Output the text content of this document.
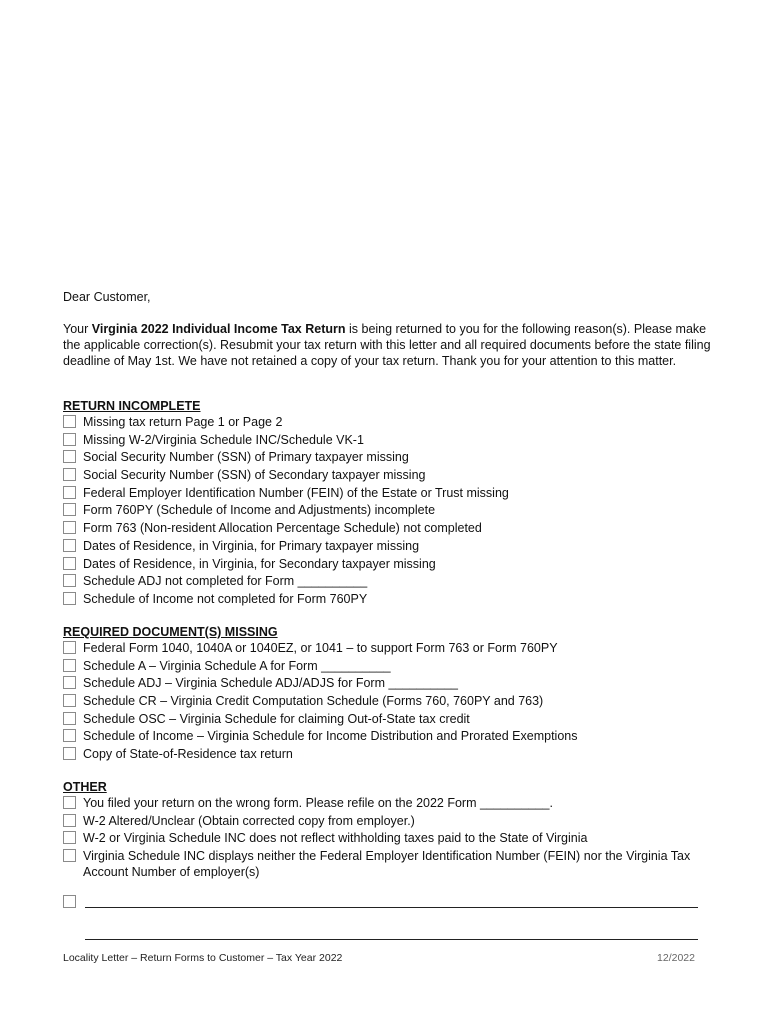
Dear Customer,
Your Virginia 2022 Individual Income Tax Return is being returned to you for the following reason(s). Please make the applicable correction(s). Resubmit your tax return with this letter and all required documents before the state filing deadline of May 1st. We have not retained a copy of your tax return. Thank you for your attention to this matter.
RETURN INCOMPLETE
Missing tax return Page 1 or Page 2
Missing W-2/Virginia Schedule INC/Schedule VK-1
Social Security Number (SSN) of Primary taxpayer missing
Social Security Number (SSN) of Secondary taxpayer missing
Federal Employer Identification Number (FEIN) of the Estate or Trust missing
Form 760PY (Schedule of Income and Adjustments) incomplete
Form 763 (Non-resident Allocation Percentage Schedule) not completed
Dates of Residence, in Virginia, for Primary taxpayer missing
Dates of Residence, in Virginia, for Secondary taxpayer missing
Schedule ADJ not completed for Form __________
Schedule of Income not completed for Form 760PY
REQUIRED DOCUMENT(S) MISSING
Federal Form 1040, 1040A or 1040EZ, or 1041 – to support Form 763 or Form 760PY
Schedule A – Virginia Schedule A for Form __________
Schedule ADJ – Virginia Schedule ADJ/ADJS for Form __________
Schedule CR – Virginia Credit Computation Schedule (Forms 760, 760PY and 763)
Schedule OSC – Virginia Schedule for claiming Out-of-State tax credit
Schedule of Income – Virginia Schedule for Income Distribution and Prorated Exemptions
Copy of State-of-Residence tax return
OTHER
You filed your return on the wrong form. Please refile on the 2022 Form __________.
W-2 Altered/Unclear (Obtain corrected copy from employer.)
W-2 or Virginia Schedule INC does not reflect withholding taxes paid to the State of Virginia
Virginia Schedule INC displays neither the Federal Employer Identification Number (FEIN) nor the Virginia Tax Account Number of employer(s)
Locality Letter – Return Forms to Customer – Tax Year 2022	12/2022
